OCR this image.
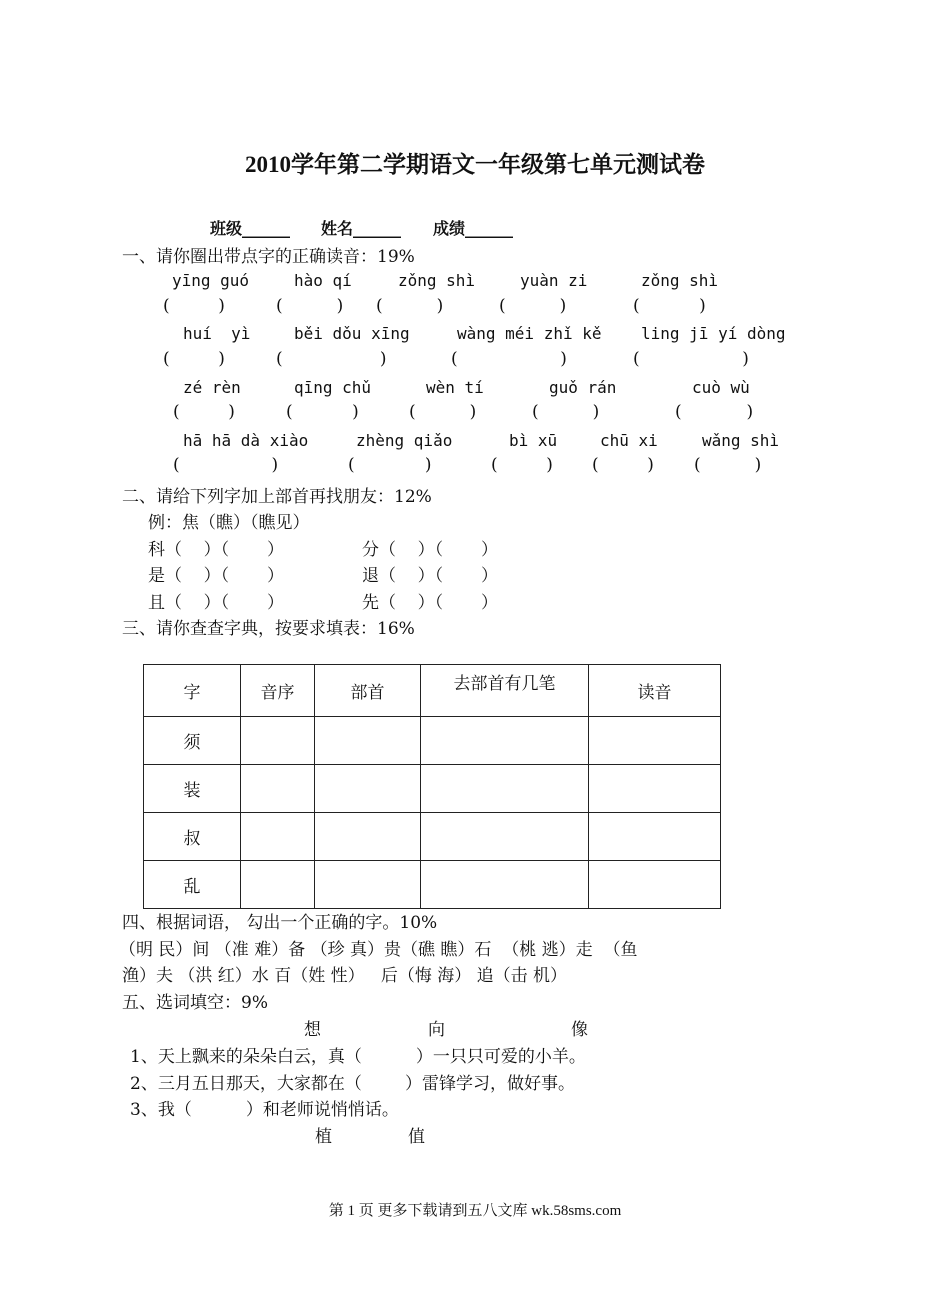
2010学年第二学期语文一年级第七单元测试卷
班级______ 姓名______ 成绩______
一、请你圈出带点字的正确读音：19%
yīng guó	hào qí	zǒng shì	yuàn zi	zǒng shì
(         )	(          ) (          )	(          )	(           )
huí  yì	běi dǒu xīng	wàng méi zhǐ kě ling jī yí dòng
(         )	(                  )	(                   )	(                   )
zé rèn	qīng chǔ	wèn tí	guǒ rán	cuò wù
(         )	(           )	(          )	(          )	(            )
hā hā dà xiào	zhèng qiǎo	bì xū	chū xi	wǎng shì
(                 )	(             )	(         ) (         ) (          )
二、请给下列字加上部首再找朋友：12%
例：焦（瞧）（瞧见）
科（    ）（       ）	分（    ）（       ）
是（    ）（       ）	退（    ）（       ）
且（    ）（       ）	先（    ）（       ）
三、请你查查字典，按要求填表：16%
字	音序	部首	去部首有几笔	读音
须				
装				
叔				
乱				
四、根据词语， 勾出一个正确的字。10%
（明 民）间 （准 难）备 （珍 真）贵（礁 瞧）石  （桃 逃）走  （鱼
渔）夫 （洪 红）水 百（姓 性）   后（悔 海） 追（击 机）
五、选词填空：9%
想	向	像
1、天上飘来的朵朵白云，真（          ）一只只可爱的小羊。
2、三月五日那天，大家都在（        ）雷锋学习，做好事。
3、我（          ）和老师说悄悄话。
植	值
第 1 页 更多下载请到五八文库 wk.58sms.com
